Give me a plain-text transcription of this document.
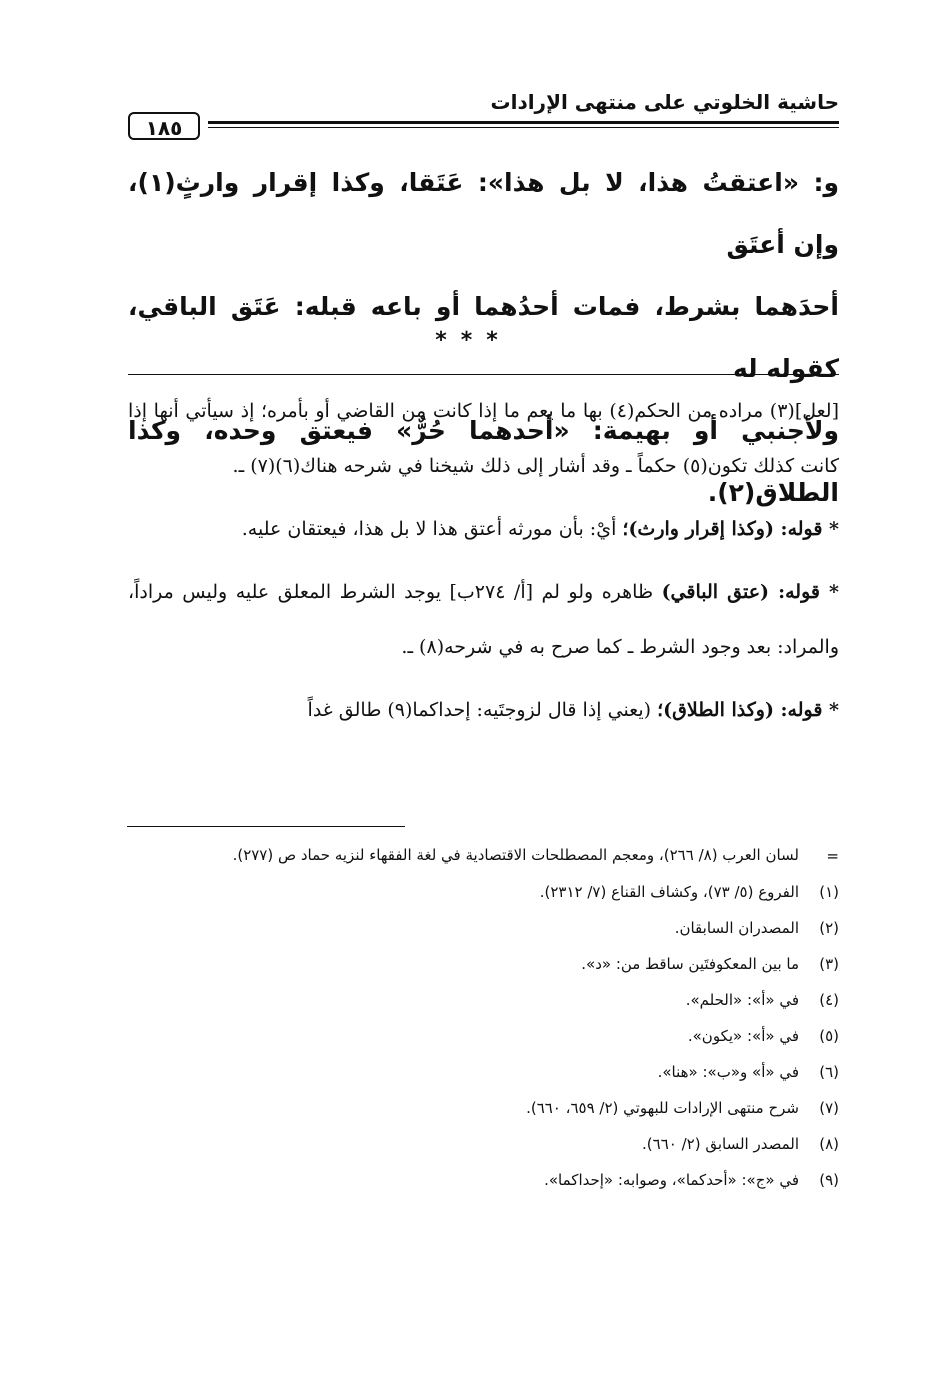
حاشية الخلوتي على منتهى الإرادات
١٨٥

و: «اعتقتُ هذا، لا بل هذا»: عَتَقا، وكذا إقرار وارثٍ(١)، وإن أعتَق

أحدَهما بشرط، فمات أحدُهما أو باعه قبله: عَتَق الباقي، كقوله له

ولأجنبي أو بهيمة: «أحدهما حُرٌّ» فيعتق وحده، وكذا الطلاق(٢).

***

[لعل](٣) مراده من الحكم(٤) بها ما يعم ما إذا كانت من القاضي أو بأمره؛ إذ سيأتي أنها إذا كانت كذلك تكون(٥) حكماً ـ وقد أشار إلى ذلك شيخنا في شرحه هناك(٦)(٧) ـ.

* قوله: (وكذا إقرار وارث)؛ أيْ: بأن مورثه أعتق هذا لا بل هذا، فيعتقان عليه.

* قوله: (عتق الباقي) ظاهره ولو لم [أ/ ٢٧٤ب] يوجد الشرط المعلق عليه وليس مراداً، والمراد: بعد وجود الشرط ـ كما صرح به في شرحه(٨) ـ.

* قوله: (وكذا الطلاق)؛ (يعني إذا قال لزوجتَيه: إحداكما(٩) طالق غداً

=
لسان العرب (٨/ ٢٦٦)، ومعجم المصطلحات الاقتصادية في لغة الفقهاء لنزيه حماد ص (٢٧٧).
(١)
الفروع (٥/ ٧٣)، وكشاف القناع (٧/ ٢٣١٢).
(٢)
المصدران السابقان.
(٣)
ما بين المعكوفتَين ساقط من: «د».
(٤)
في «أ»: «الحلم».
(٥)
في «أ»: «يكون».
(٦)
في «أ» و«ب»: «هنا».
(٧)
شرح منتهى الإرادات للبهوتي (٢/ ٦٥٩، ٦٦٠).
(٨)
المصدر السابق (٢/ ٦٦٠).
(٩)
في «ج»: «أحدكما»، وصوابه: «إحداكما».
